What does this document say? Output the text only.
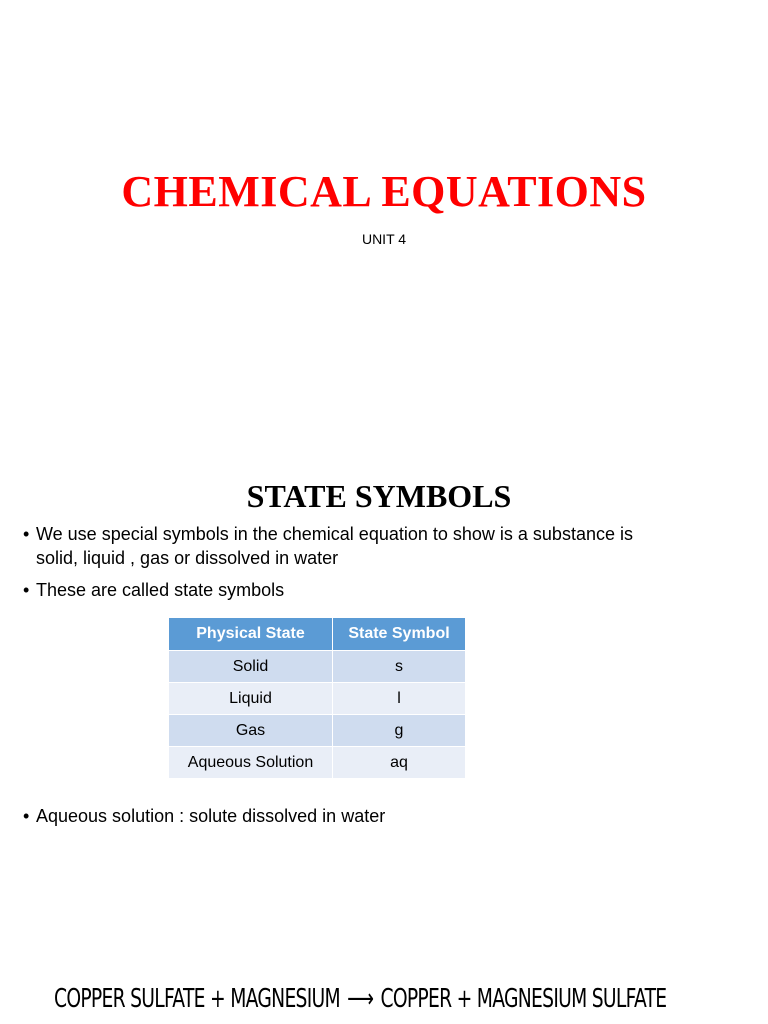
CHEMICAL EQUATIONS
UNIT 4
STATE SYMBOLS
• We use special symbols in the chemical equation to show is a substance is solid, liquid , gas or dissolved in water
• These are called state symbols
• Aqueous solution : solute dissolved in water
Physical State	State Symbol
Solid	s
Liquid	l
Gas	g
Aqueous Solution	aq
COPPER SULFATE + MAGNESIUM ⟶ COPPER + MAGNESIUM SULFATE
